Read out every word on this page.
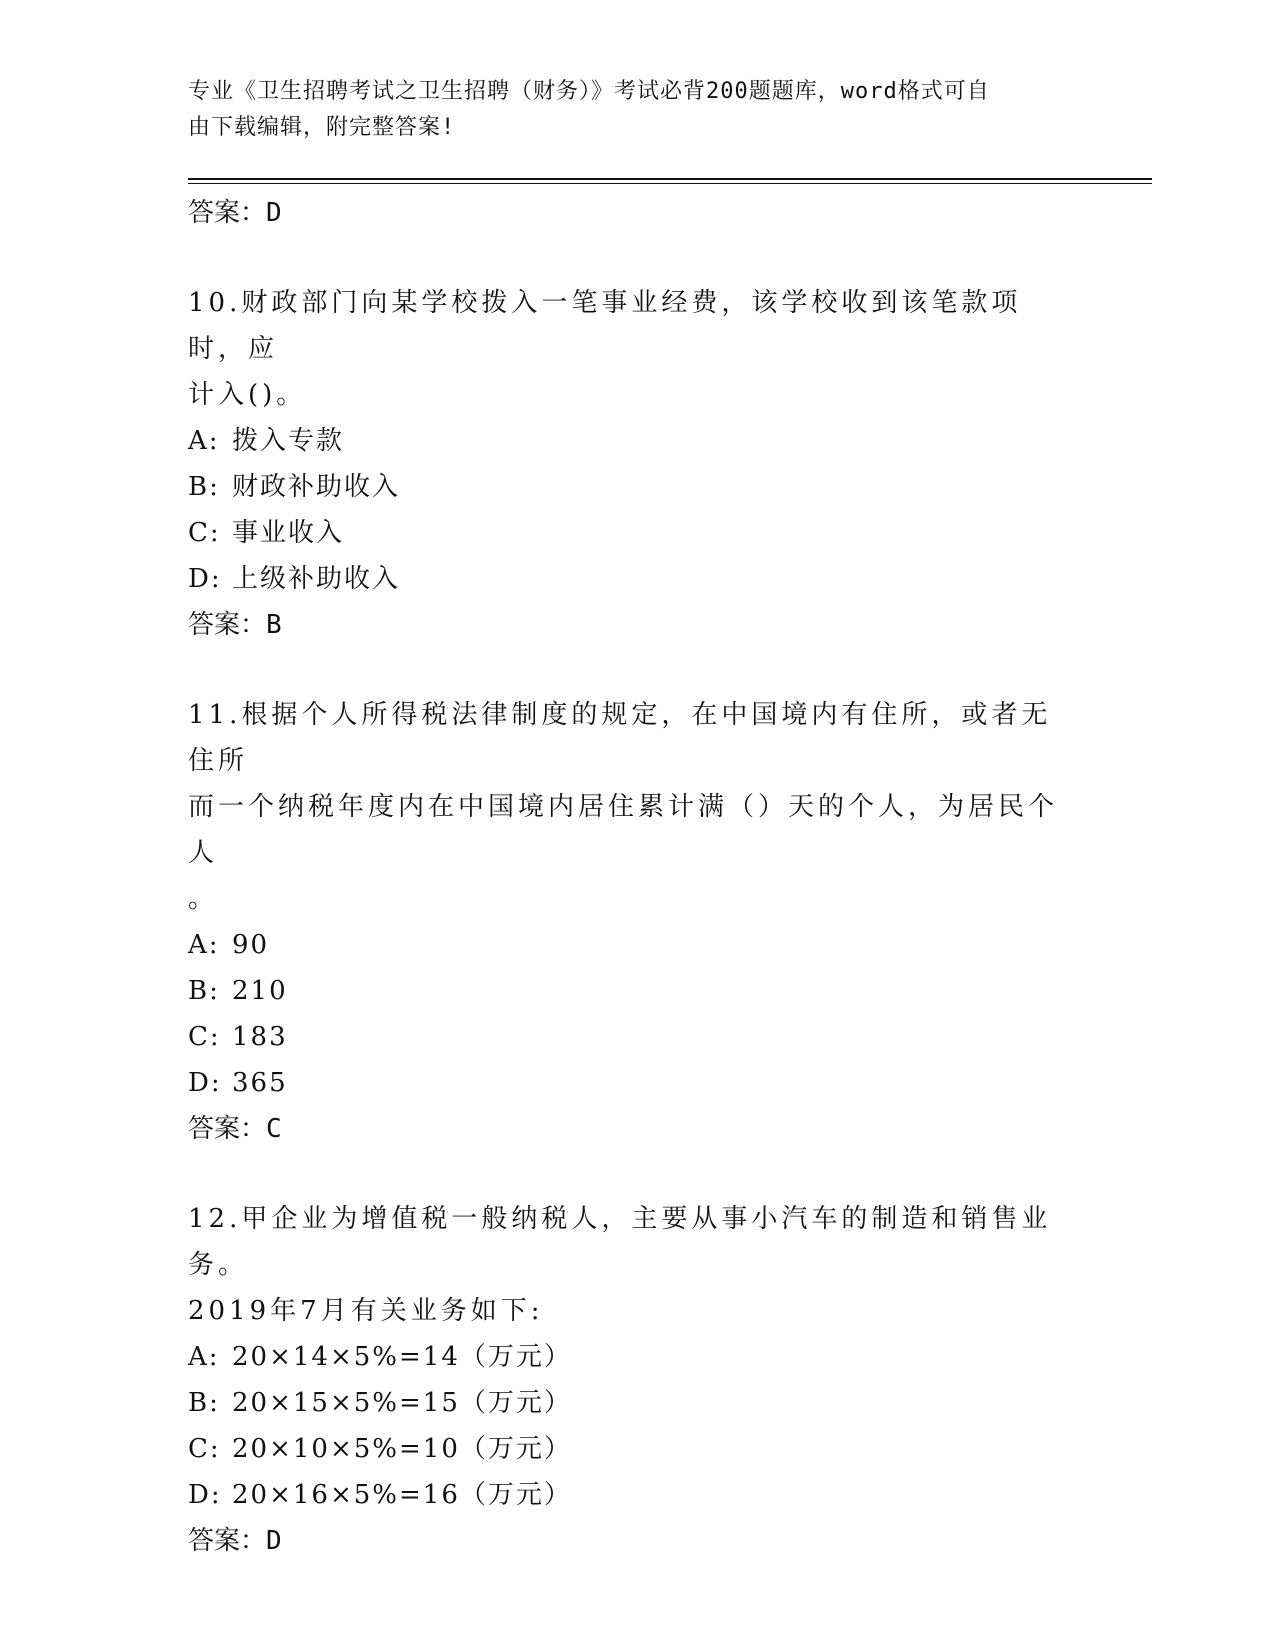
专业《卫生招聘考试之卫生招聘（财务）》考试必背200题题库，word格式可自
由下载编辑，附完整答案!
答案：D
10.财政部门向某学校拨入一笔事业经费，该学校收到该笔款项时，应
计入()。
A: 拨入专款
B: 财政补助收入
C: 事业收入
D: 上级补助收入
答案：B
11.根据个人所得税法律制度的规定，在中国境内有住所，或者无住所
而一个纳税年度内在中国境内居住累计满（）天的个人，为居民个人
。
A: 90
B: 210
C: 183
D: 365
答案：C
12.甲企业为增值税一般纳税人，主要从事小汽车的制造和销售业务。
2019年7月有关业务如下:
A: 20×14×5%=14（万元）
B: 20×15×5%=15（万元）
C: 20×10×5%=10（万元）
D: 20×16×5%=16（万元）
答案：D
